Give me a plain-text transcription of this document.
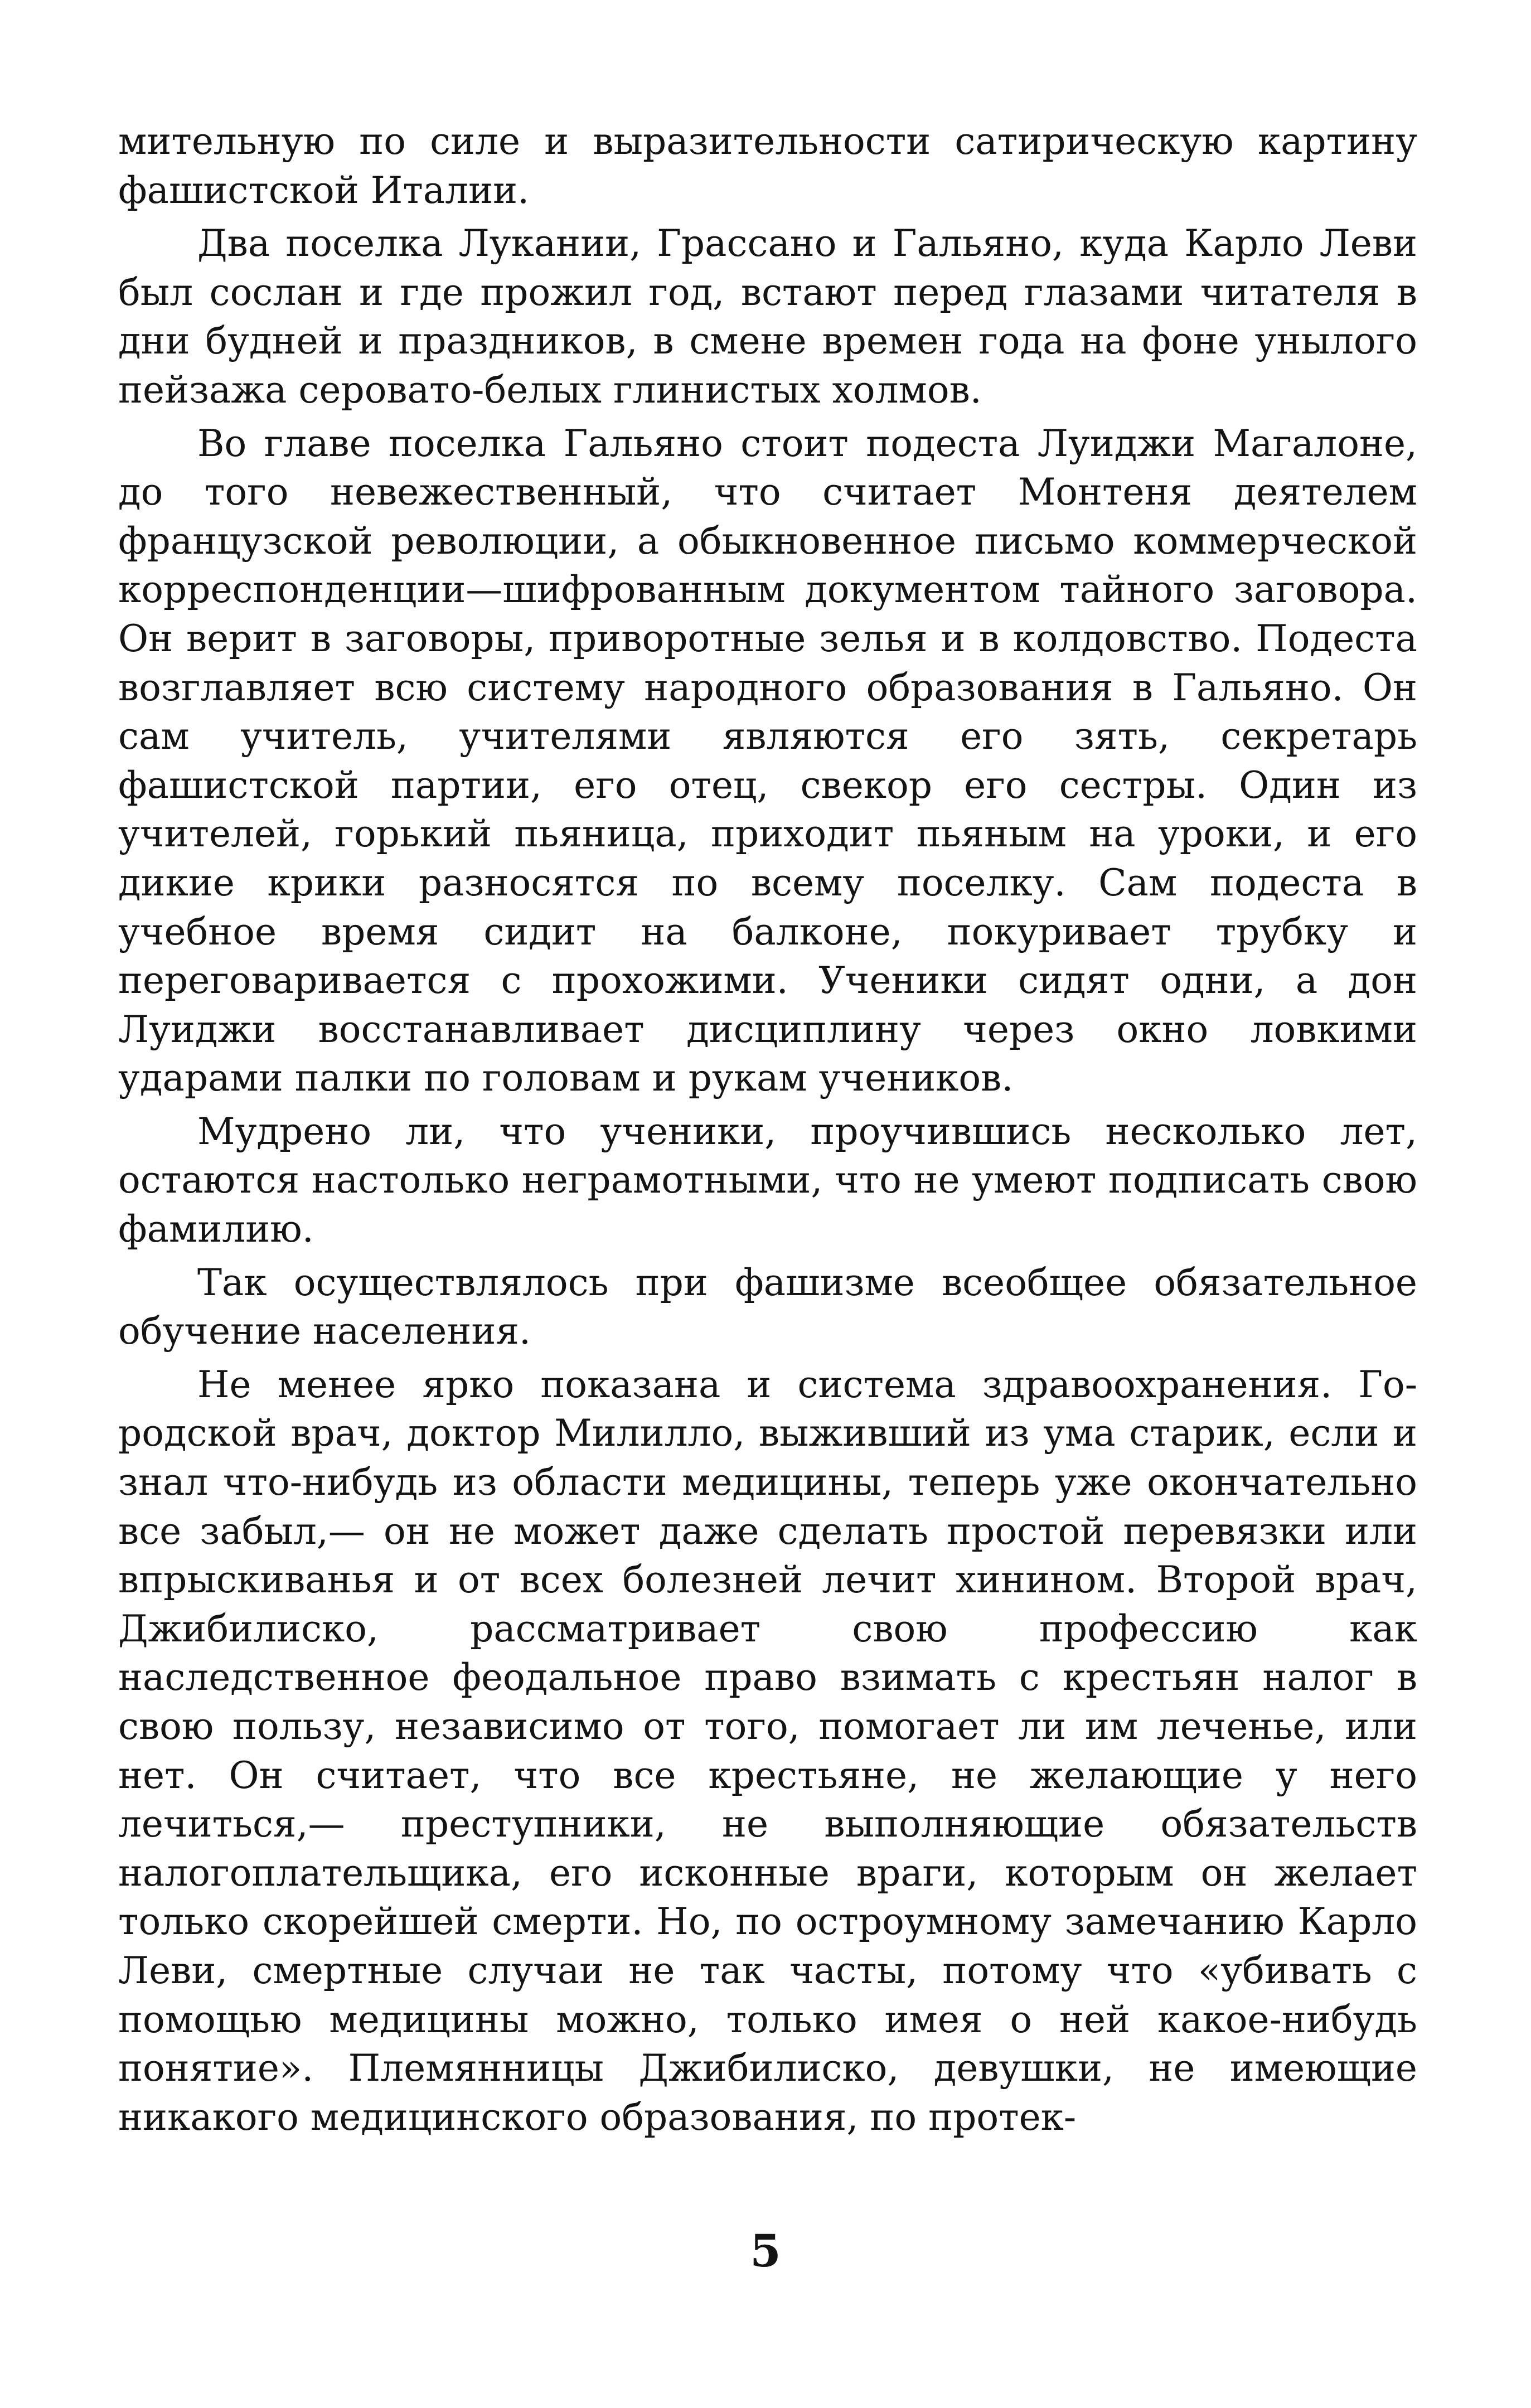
мительную по силе и выразительности сатирическую картину фашистской Италии.

Два поселка Лукании, Грассано и Гальяно, куда Карло Леви был сослан и где прожил год, встают перед глазами читателя в дни будней и праздников, в смене времен года на фоне унылого пейзажа серовато-белых глинистых холмов.

Во главе поселка Гальяно стоит подеста Луиджи Магалоне, до того невежественный, что считает Монтеня деятелем французской революции, а обыкновенное письмо коммерческой корреспонденции—шифрованным документом тайного заговора. Он верит в заговоры, приворотные зелья и в колдовство. Подеста возглавляет всю систему народного образования в Гальяно. Он сам учитель, учителями являются его зять, секретарь фашистской партии, его отец, свекор его сестры. Один из учителей, горький пьяница, приходит пьяным на уроки, и его дикие крики разносятся по всему поселку. Сам подеста в учебное время сидит на балконе, покуривает трубку и переговаривается с прохожими. Ученики сидят одни, а дон Луиджи восстанавливает дисциплину через окно ловкими ударами палки по головам и рукам учеников.

Мудрено ли, что ученики, проучившись несколько лет, остаются настолько неграмотными, что не умеют подписать свою фамилию.

Так осуществлялось при фашизме всеобщее обязательное обучение населения.

Не менее ярко показана и система здравоохранения. Городской врач, доктор Милилло, выживший из ума старик, если и знал что-нибудь из области медицины, теперь уже окончательно все забыл,— он не может даже сделать простой перевязки или впрыскиванья и от всех болезней лечит хинином. Второй врач, Джибилиско, рассматривает свою профессию как наследственное феодальное право взимать с крестьян налог в свою пользу, независимо от того, помогает ли им леченье, или нет. Он считает, что все крестьяне, не желающие у него лечиться,— преступники, не выполняющие обязательств налогоплательщика, его исконные враги, которым он желает только скорейшей смерти. Но, по остроумному замечанию Карло Леви, смертные случаи не так часты, потому что «убивать с помощью медицины можно, только имея о ней какое-нибудь понятие». Племянницы Джибилиско, девушки, не имеющие никакого медицинского образования, по протек-

5
